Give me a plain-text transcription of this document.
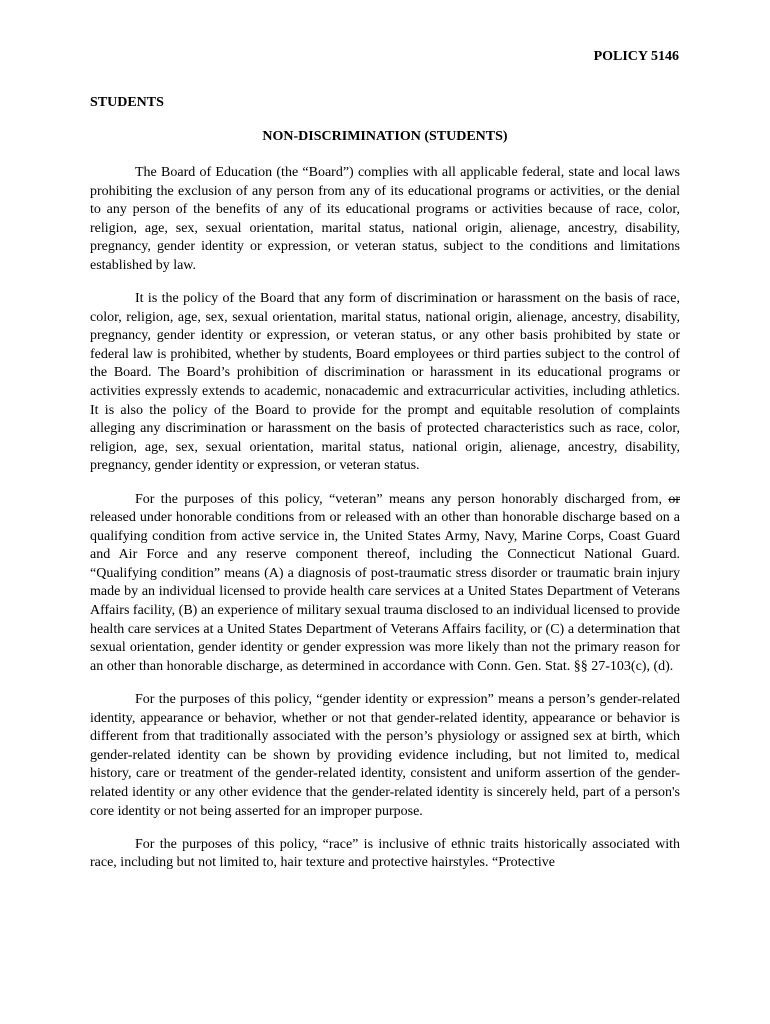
POLICY 5146
STUDENTS
NON-DISCRIMINATION (STUDENTS)

The Board of Education (the “Board”) complies with all applicable federal, state and local laws prohibiting the exclusion of any person from any of its educational programs or activities, or the denial to any person of the benefits of any of its educational programs or activities because of race, color, religion, age, sex, sexual orientation, marital status, national origin, alienage, ancestry, disability, pregnancy, gender identity or expression, or veteran status, subject to the conditions and limitations established by law.

It is the policy of the Board that any form of discrimination or harassment on the basis of race, color, religion, age, sex, sexual orientation, marital status, national origin, alienage, ancestry, disability, pregnancy, gender identity or expression, or veteran status, or any other basis prohibited by state or federal law is prohibited, whether by students, Board employees or third parties subject to the control of the Board. The Board’s prohibition of discrimination or harassment in its educational programs or activities expressly extends to academic, nonacademic and extracurricular activities, including athletics. It is also the policy of the Board to provide for the prompt and equitable resolution of complaints alleging any discrimination or harassment on the basis of protected characteristics such as race, color, religion, age, sex, sexual orientation, marital status, national origin, alienage, ancestry, disability, pregnancy, gender identity or expression, or veteran status.

For the purposes of this policy, “veteran” means any person honorably discharged from, or released under honorable conditions from or released with an other than honorable discharge based on a qualifying condition from active service in, the United States Army, Navy, Marine Corps, Coast Guard and Air Force and any reserve component thereof, including the Connecticut National Guard. “Qualifying condition” means (A) a diagnosis of post-traumatic stress disorder or traumatic brain injury made by an individual licensed to provide health care services at a United States Department of Veterans Affairs facility, (B) an experience of military sexual trauma disclosed to an individual licensed to provide health care services at a United States Department of Veterans Affairs facility, or (C) a determination that sexual orientation, gender identity or gender expression was more likely than not the primary reason for an other than honorable discharge, as determined in accordance with Conn. Gen. Stat. §§ 27-103(c), (d).

For the purposes of this policy, “gender identity or expression” means a person’s gender-related identity, appearance or behavior, whether or not that gender-related identity, appearance or behavior is different from that traditionally associated with the person’s physiology or assigned sex at birth, which gender-related identity can be shown by providing evidence including, but not limited to, medical history, care or treatment of the gender-related identity, consistent and uniform assertion of the gender-related identity or any other evidence that the gender-related identity is sincerely held, part of a person's core identity or not being asserted for an improper purpose.

For the purposes of this policy, “race” is inclusive of ethnic traits historically associated with race, including but not limited to, hair texture and protective hairstyles. “Protective
